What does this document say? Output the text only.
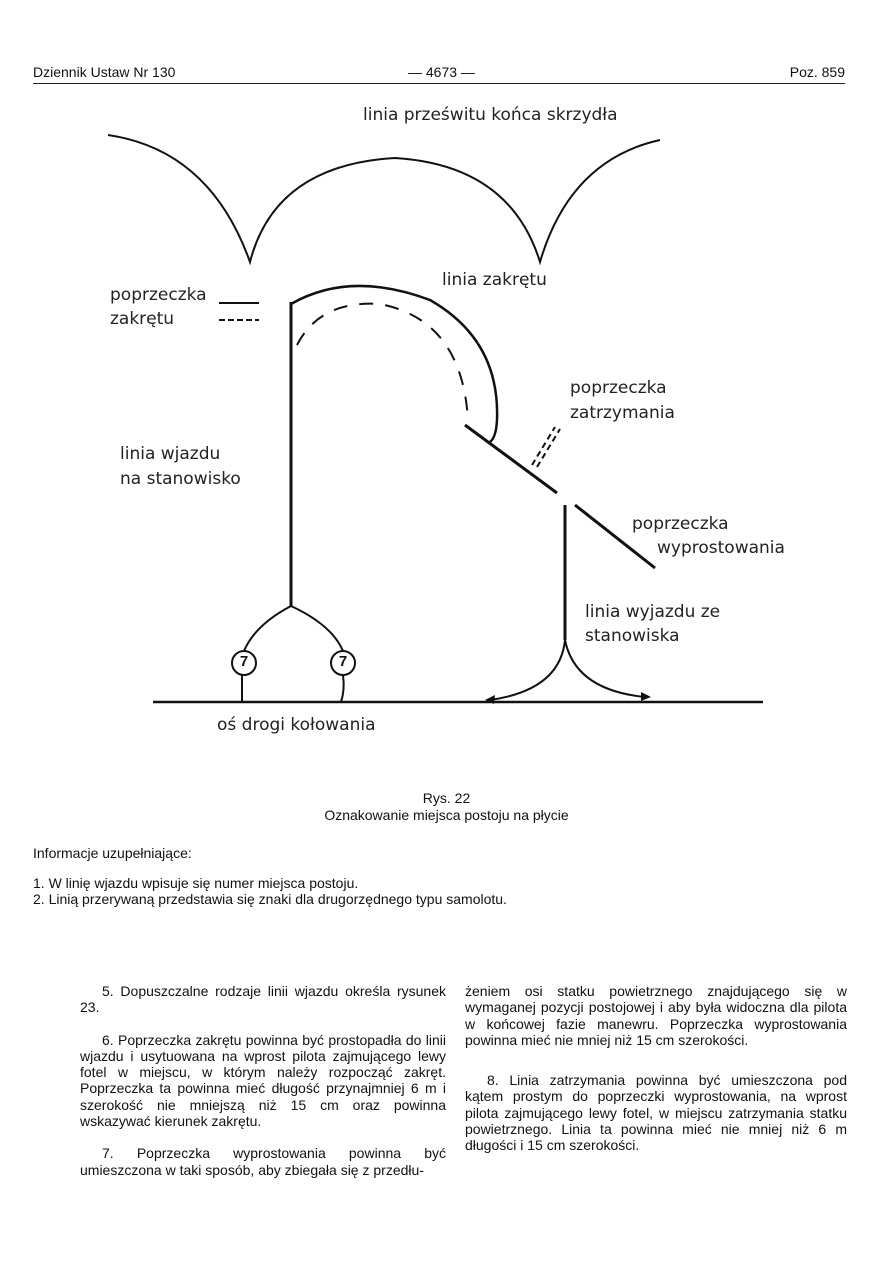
Dziennik Ustaw Nr 130	— 4673 —	Poz. 859
7	7
linia prześwitu końca skrzydła
linia zakrętu
poprzeczka
zakrętu
poprzeczka
zatrzymania
linia wjazdu
na stanowisko
poprzeczka
wyprostowania
linia wyjazdu ze
stanowiska
oś drogi kołowania
Rys. 22
Oznakowanie miejsca postoju na płycie
Informacje uzupełniające:
1. W linię wjazdu wpisuje się numer miejsca postoju.
2. Linią przerywaną przedstawia się znaki dla drugorzędnego typu samolotu.

5. Dopuszczalne rodzaje linii wjazdu określa rysunek 23.

6. Poprzeczka zakrętu powinna być prostopadła do linii wjazdu i usytuowana na wprost pilota zajmującego lewy fotel w miejscu, w którym należy rozpocząć zakręt. Poprzeczka ta powinna mieć długość przynajmniej 6 m i szerokość nie mniejszą niż 15 cm oraz powinna wskazywać kierunek zakrętu.

7. Poprzeczka wyprostowania powinna być umieszczona w taki sposób, aby zbiegała się z przedłu-

żeniem osi statku powietrznego znajdującego się w wymaganej pozycji postojowej i aby była widoczna dla pilota w końcowej fazie manewru. Poprzeczka wyprostowania powinna mieć nie mniej niż 15 cm szerokości.

8. Linia zatrzymania powinna być umieszczona pod kątem prostym do poprzeczki wyprostowania, na wprost pilota zajmującego lewy fotel, w miejscu zatrzymania statku powietrznego. Linia ta powinna mieć nie mniej niż 6 m długości i 15 cm szerokości.
